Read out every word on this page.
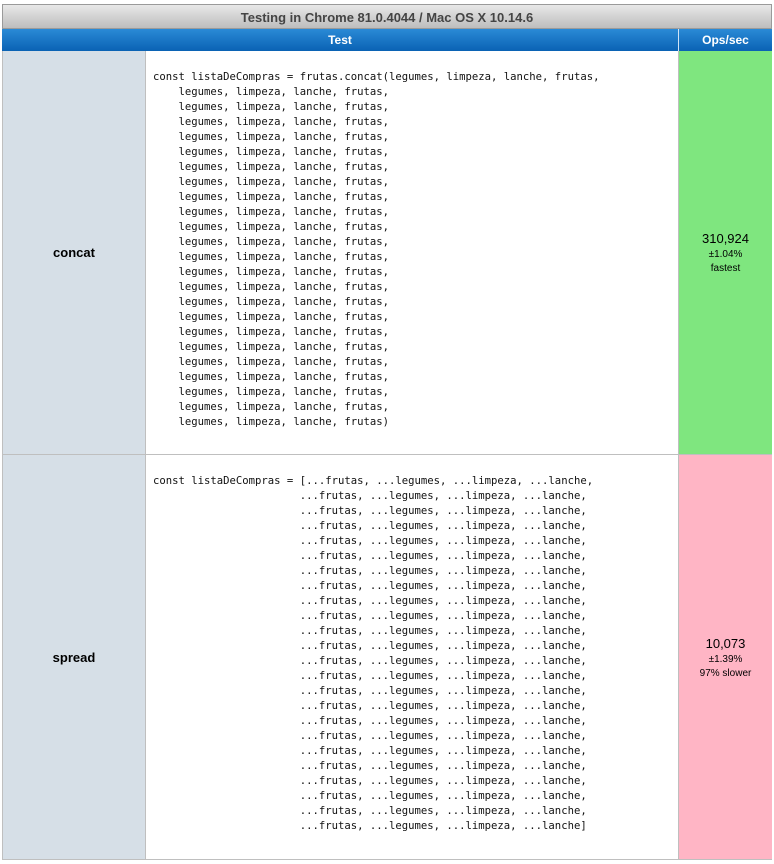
Testing in Chrome 81.0.4044 / Mac OS X 10.14.6
Test	Ops/sec
concat
const listaDeCompras = frutas.concat(legumes, limpeza, lanche, frutas,
legumes, limpeza, lanche, frutas,
legumes, limpeza, lanche, frutas,
legumes, limpeza, lanche, frutas,
legumes, limpeza, lanche, frutas,
legumes, limpeza, lanche, frutas,
legumes, limpeza, lanche, frutas,
legumes, limpeza, lanche, frutas,
legumes, limpeza, lanche, frutas,
legumes, limpeza, lanche, frutas,
legumes, limpeza, lanche, frutas,
legumes, limpeza, lanche, frutas,
legumes, limpeza, lanche, frutas,
legumes, limpeza, lanche, frutas,
legumes, limpeza, lanche, frutas,
legumes, limpeza, lanche, frutas,
legumes, limpeza, lanche, frutas,
legumes, limpeza, lanche, frutas,
legumes, limpeza, lanche, frutas,
legumes, limpeza, lanche, frutas,
legumes, limpeza, lanche, frutas,
legumes, limpeza, lanche, frutas,
legumes, limpeza, lanche, frutas,
legumes, limpeza, lanche, frutas)
310,924
±1.04%
fastest
spread
const listaDeCompras = [...frutas, ...legumes, ...limpeza, ...lanche,
...frutas, ...legumes, ...limpeza, ...lanche,
...frutas, ...legumes, ...limpeza, ...lanche,
...frutas, ...legumes, ...limpeza, ...lanche,
...frutas, ...legumes, ...limpeza, ...lanche,
...frutas, ...legumes, ...limpeza, ...lanche,
...frutas, ...legumes, ...limpeza, ...lanche,
...frutas, ...legumes, ...limpeza, ...lanche,
...frutas, ...legumes, ...limpeza, ...lanche,
...frutas, ...legumes, ...limpeza, ...lanche,
...frutas, ...legumes, ...limpeza, ...lanche,
...frutas, ...legumes, ...limpeza, ...lanche,
...frutas, ...legumes, ...limpeza, ...lanche,
...frutas, ...legumes, ...limpeza, ...lanche,
...frutas, ...legumes, ...limpeza, ...lanche,
...frutas, ...legumes, ...limpeza, ...lanche,
...frutas, ...legumes, ...limpeza, ...lanche,
...frutas, ...legumes, ...limpeza, ...lanche,
...frutas, ...legumes, ...limpeza, ...lanche,
...frutas, ...legumes, ...limpeza, ...lanche,
...frutas, ...legumes, ...limpeza, ...lanche,
...frutas, ...legumes, ...limpeza, ...lanche,
...frutas, ...legumes, ...limpeza, ...lanche,
...frutas, ...legumes, ...limpeza, ...lanche]
10,073
±1.39%
97% slower
